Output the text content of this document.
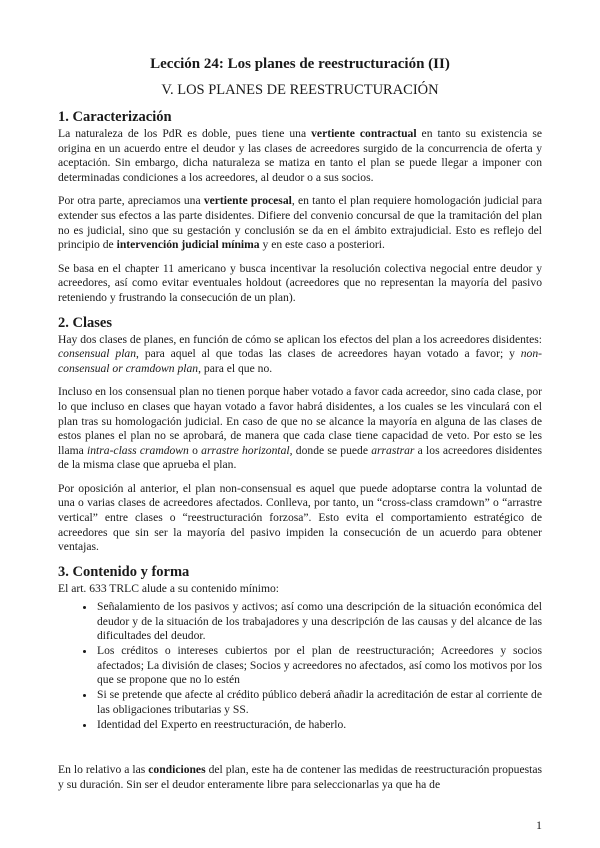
Lección 24: Los planes de reestructuración (II)
V. LOS PLANES DE REESTRUCTURACIÓN
1. Caracterización

La naturaleza de los PdR es doble, pues tiene una vertiente contractual en tanto su existencia se origina en un acuerdo entre el deudor y las clases de acreedores surgido de la concurrencia de oferta y aceptación. Sin embargo, dicha naturaleza se matiza en tanto el plan se puede llegar a imponer con determinadas condiciones a los acreedores, al deudor o a sus socios.

Por otra parte, apreciamos una vertiente procesal, en tanto el plan requiere homologación judicial para extender sus efectos a las parte disidentes. Difiere del convenio concursal de que la tramitación del plan no es judicial, sino que su gestación y conclusión se da en el ámbito extrajudicial. Esto es reflejo del principio de intervención judicial mínima y en este caso a posteriori.

Se basa en el chapter 11 americano y busca incentivar la resolución colectiva negocial entre deudor y acreedores, así como evitar eventuales holdout (acreedores que no representan la mayoría del pasivo reteniendo y frustrando la consecución de un plan).

2. Clases

Hay dos clases de planes, en función de cómo se aplican los efectos del plan a los acreedores disidentes: consensual plan, para aquel al que todas las clases de acreedores hayan votado a favor; y non-consensual or cramdown plan, para el que no.

Incluso en los consensual plan no tienen porque haber votado a favor cada acreedor, sino cada clase, por lo que incluso en clases que hayan votado a favor habrá disidentes, a los cuales se les vinculará con el plan tras su homologación judicial. En caso de que no se alcance la mayoría en alguna de las clases de estos planes el plan no se aprobará, de manera que cada clase tiene capacidad de veto. Por esto se les llama intra-class cramdown o arrastre horizontal, donde se puede arrastrar a los acreedores disidentes de la misma clase que aprueba el plan.

Por oposición al anterior, el plan non-consensual es aquel que puede adoptarse contra la voluntad de una o varias clases de acreedores afectados. Conlleva, por tanto, un “cross-class cramdown” o “arrastre vertical” entre clases o “reestructuración forzosa”. Esto evita el comportamiento estratégico de acreedores que sin ser la mayoría del pasivo impiden la consecución de un acuerdo para obtener ventajas.

3. Contenido y forma

El art. 633 TRLC alude a su contenido mínimo:

• Señalamiento de los pasivos y activos; así como una descripción de la situación económica del deudor y de la situación de los trabajadores y una descripción de las causas y del alcance de las dificultades del deudor.
• Los créditos o intereses cubiertos por el plan de reestructuración; Acreedores y socios afectados; La división de clases; Socios y acreedores no afectados, así como los motivos por los que se propone que no lo estén
• Si se pretende que afecte al crédito público deberá añadir la acreditación de estar al corriente de las obligaciones tributarias y SS.
• Identidad del Experto en reestructuración, de haberlo.

En lo relativo a las condiciones del plan, este ha de contener las medidas de reestructuración propuestas y su duración. Sin ser el deudor enteramente libre para seleccionarlas ya que ha de

1
